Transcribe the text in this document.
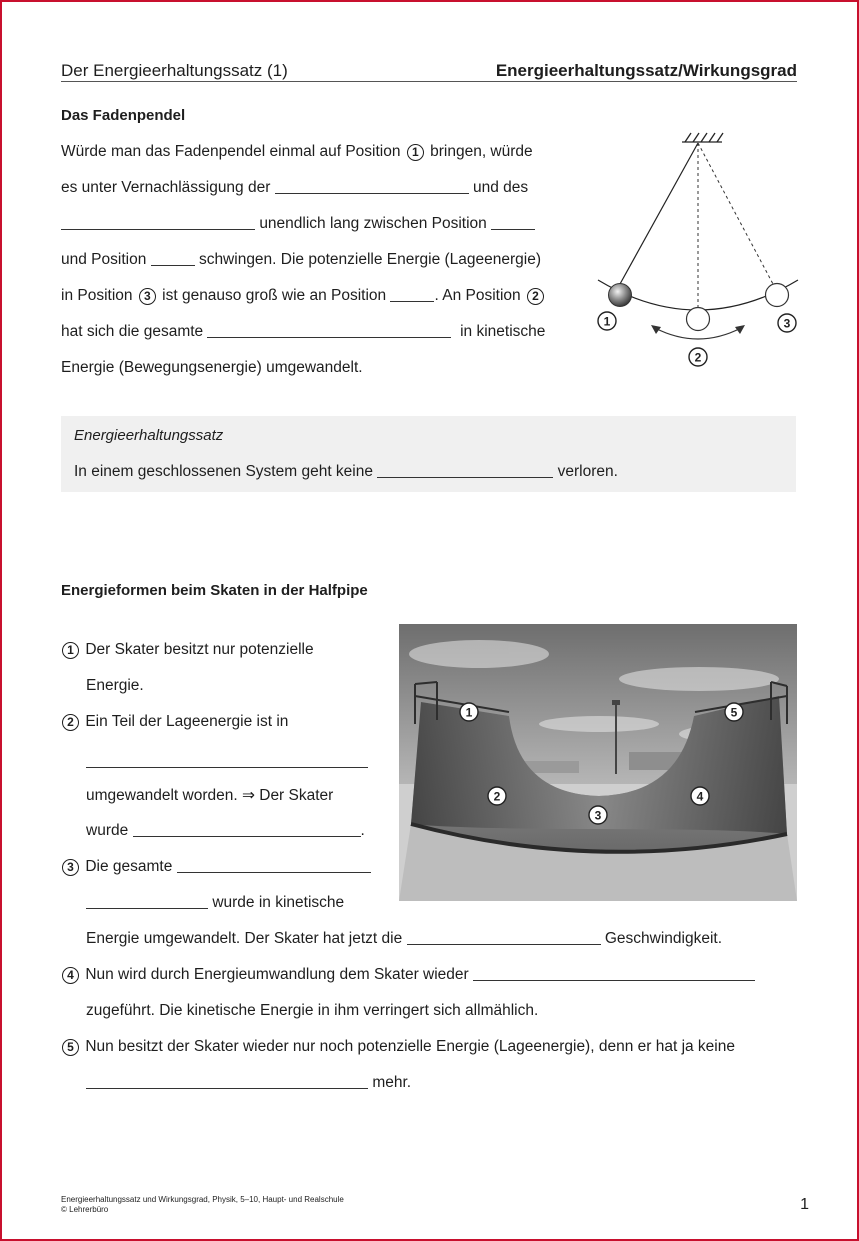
Der Energieerhaltungssatz (1)	Energieerhaltungssatz/Wirkungsgrad
Das Fadenpendel
Würde man das Fadenpendel einmal auf Position 1 bringen, würde
es unter Vernachlässigung der	und des
unendlich lang zwischen Position
und Position	schwingen. Die potenzielle Energie (Lageenergie)
in Position 3 ist genauso groß wie an Position	. An Position 2
hat sich die gesamte	in kinetische
Energie (Bewegungsenergie) umgewandelt.
1
2
3
Energieerhaltungssatz
In einem geschlossenen System geht keine	verloren.
Energieformen beim Skaten in der Halfpipe
1 Der Skater besitzt nur potenzielle
Energie.
2 Ein Teil der Lageenergie ist in
umgewandelt worden. ⇒ Der Skater
wurde	.
3 Die gesamte
wurde in kinetische
Energie umgewandelt. Der Skater hat jetzt die	Geschwindigkeit.
4 Nun wird durch Energieumwandlung dem Skater wieder
zugeführt. Die kinetische Energie in ihm verringert sich allmählich.
5 Nun besitzt der Skater wieder nur noch potenzielle Energie (Lageenergie), denn er hat ja keine
mehr.
1
2
3
4
5
Energieerhaltungssatz und Wirkungsgrad, Physik, 5–10, Haupt- und Realschule
© Lehrerbüro	1
